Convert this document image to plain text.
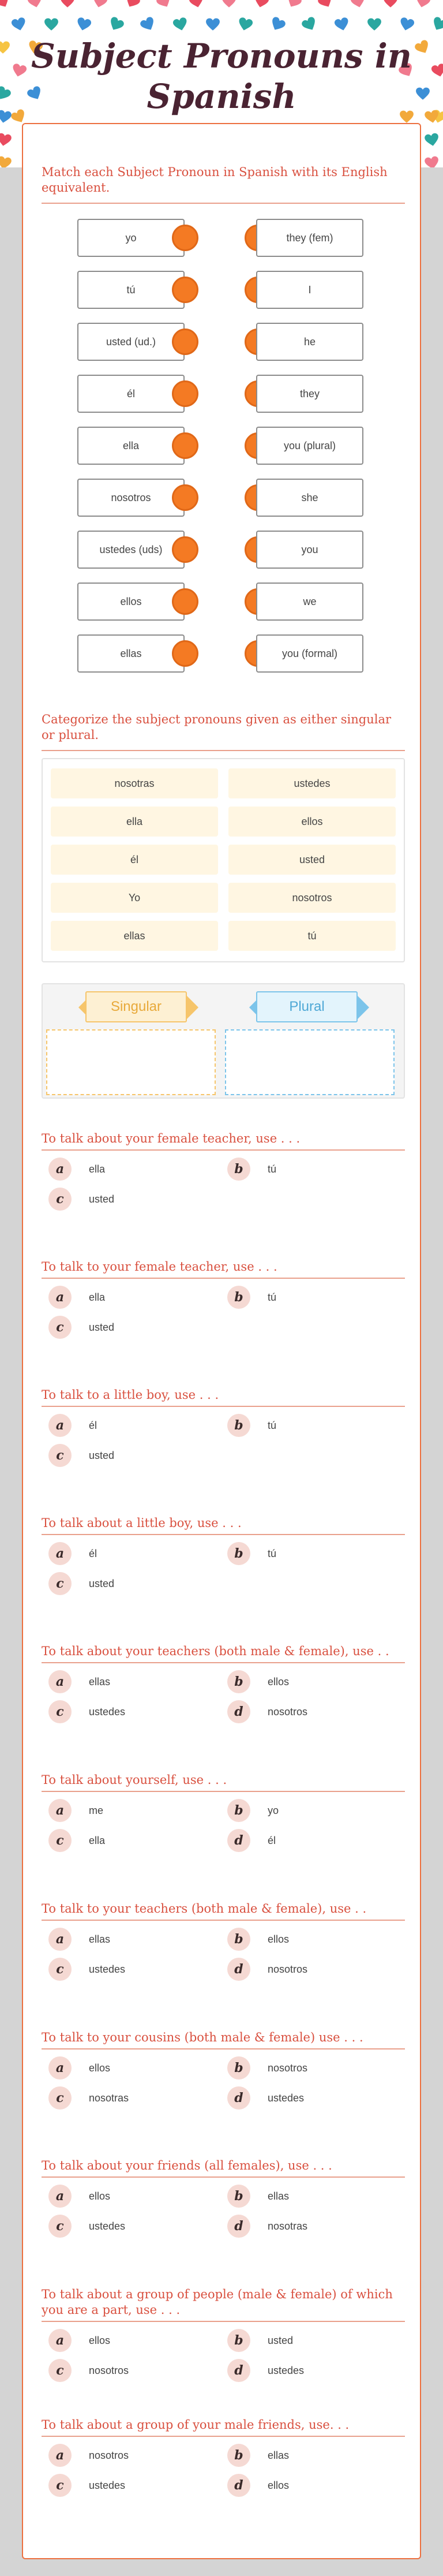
Subject Pronouns in Spanish
Match each Subject Pronoun in Spanish with its English equivalent.
yo	they (fem)
tú	I
usted (ud.)	he
él	they
ella	you (plural)
nosotros	she
ustedes (uds)	you
ellos	we
ellas	you (formal)
Categorize the subject pronouns given as either singular or plural.
nosotras	ustedes
ella	ellos
él	usted
Yo	nosotros
ellas	tú
Singular	Plural
To talk about your female teacher, use . . .
a	ella	b	tú
c	usted
To talk to your female teacher, use . . .
a	ella	b	tú
c	usted
To talk to a little boy, use . . .
a	él	b	tú
c	usted
To talk about a little boy, use . . .
a	él	b	tú
c	usted
To talk about your teachers (both male & female), use . .
a	ellas	b	ellos
c	ustedes	d	nosotros
To talk about yourself, use . . .
a	me	b	yo
c	ella	d	él
To talk to your teachers (both male & female), use . .
a	ellas	b	ellos
c	ustedes	d	nosotros
To talk to your cousins (both male & female) use . . .
a	ellos	b	nosotros
c	nosotras	d	ustedes
To talk about your friends (all females), use . . .
a	ellos	b	ellas
c	ustedes	d	nosotras
To talk about a group of people (male & female) of which you are a part, use . . .
a	ellos	b	usted
c	nosotros	d	ustedes
To talk about a group of your male friends, use. . .
a	nosotros	b	ellas
c	ustedes	d	ellos
